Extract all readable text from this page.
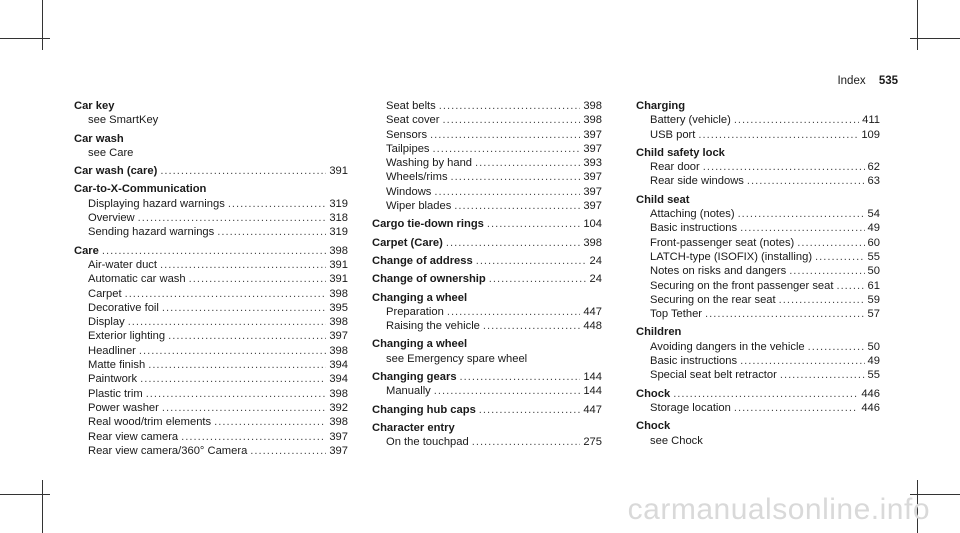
Index 535
Car key
see SmartKey
Car wash
see Care
Car wash (care) .....	391
Car-to-X-Communication
Displaying hazard warnings .....	319
Overview .....	318
Sending hazard warnings .....	319
Care .....	398
Air-water duct .....	391
Automatic car wash .....	391
Carpet .....	398
Decorative foil .....	395
Display .....	398
Exterior lighting .....	397
Headliner .....	398
Matte finish .....	394
Paintwork .....	394
Plastic trim .....	398
Power washer .....	392
Real wood/trim elements .....	398
Rear view camera .....	397
Rear view camera/360° Camera .....	397
Seat belts .....	398
Seat cover .....	398
Sensors .....	397
Tailpipes .....	397
Washing by hand .....	393
Wheels/rims .....	397
Windows .....	397
Wiper blades .....	397
Cargo tie-down rings .....	104
Carpet (Care) .....	398
Change of address .....	24
Change of ownership .....	24
Changing a wheel
Preparation .....	447
Raising the vehicle .....	448
Changing a wheel
see Emergency spare wheel
Changing gears .....	144
Manually .....	144
Changing hub caps .....	447
Character entry
On the touchpad .....	275
Charging
Battery (vehicle) .....	411
USB port .....	109
Child safety lock
Rear door .....	62
Rear side windows .....	63
Child seat
Attaching (notes) .....	54
Basic instructions .....	49
Front-passenger seat (notes) .....	60
LATCH-type (ISOFIX) (installing) .....	55
Notes on risks and dangers .....	50
Securing on the front passenger seat .....	61
Securing on the rear seat .....	59
Top Tether .....	57
Children
Avoiding dangers in the vehicle .....	50
Basic instructions .....	49
Special seat belt retractor .....	55
Chock .....	446
Storage location .....	446
Chock
see Chock
carmanualsonline.info
